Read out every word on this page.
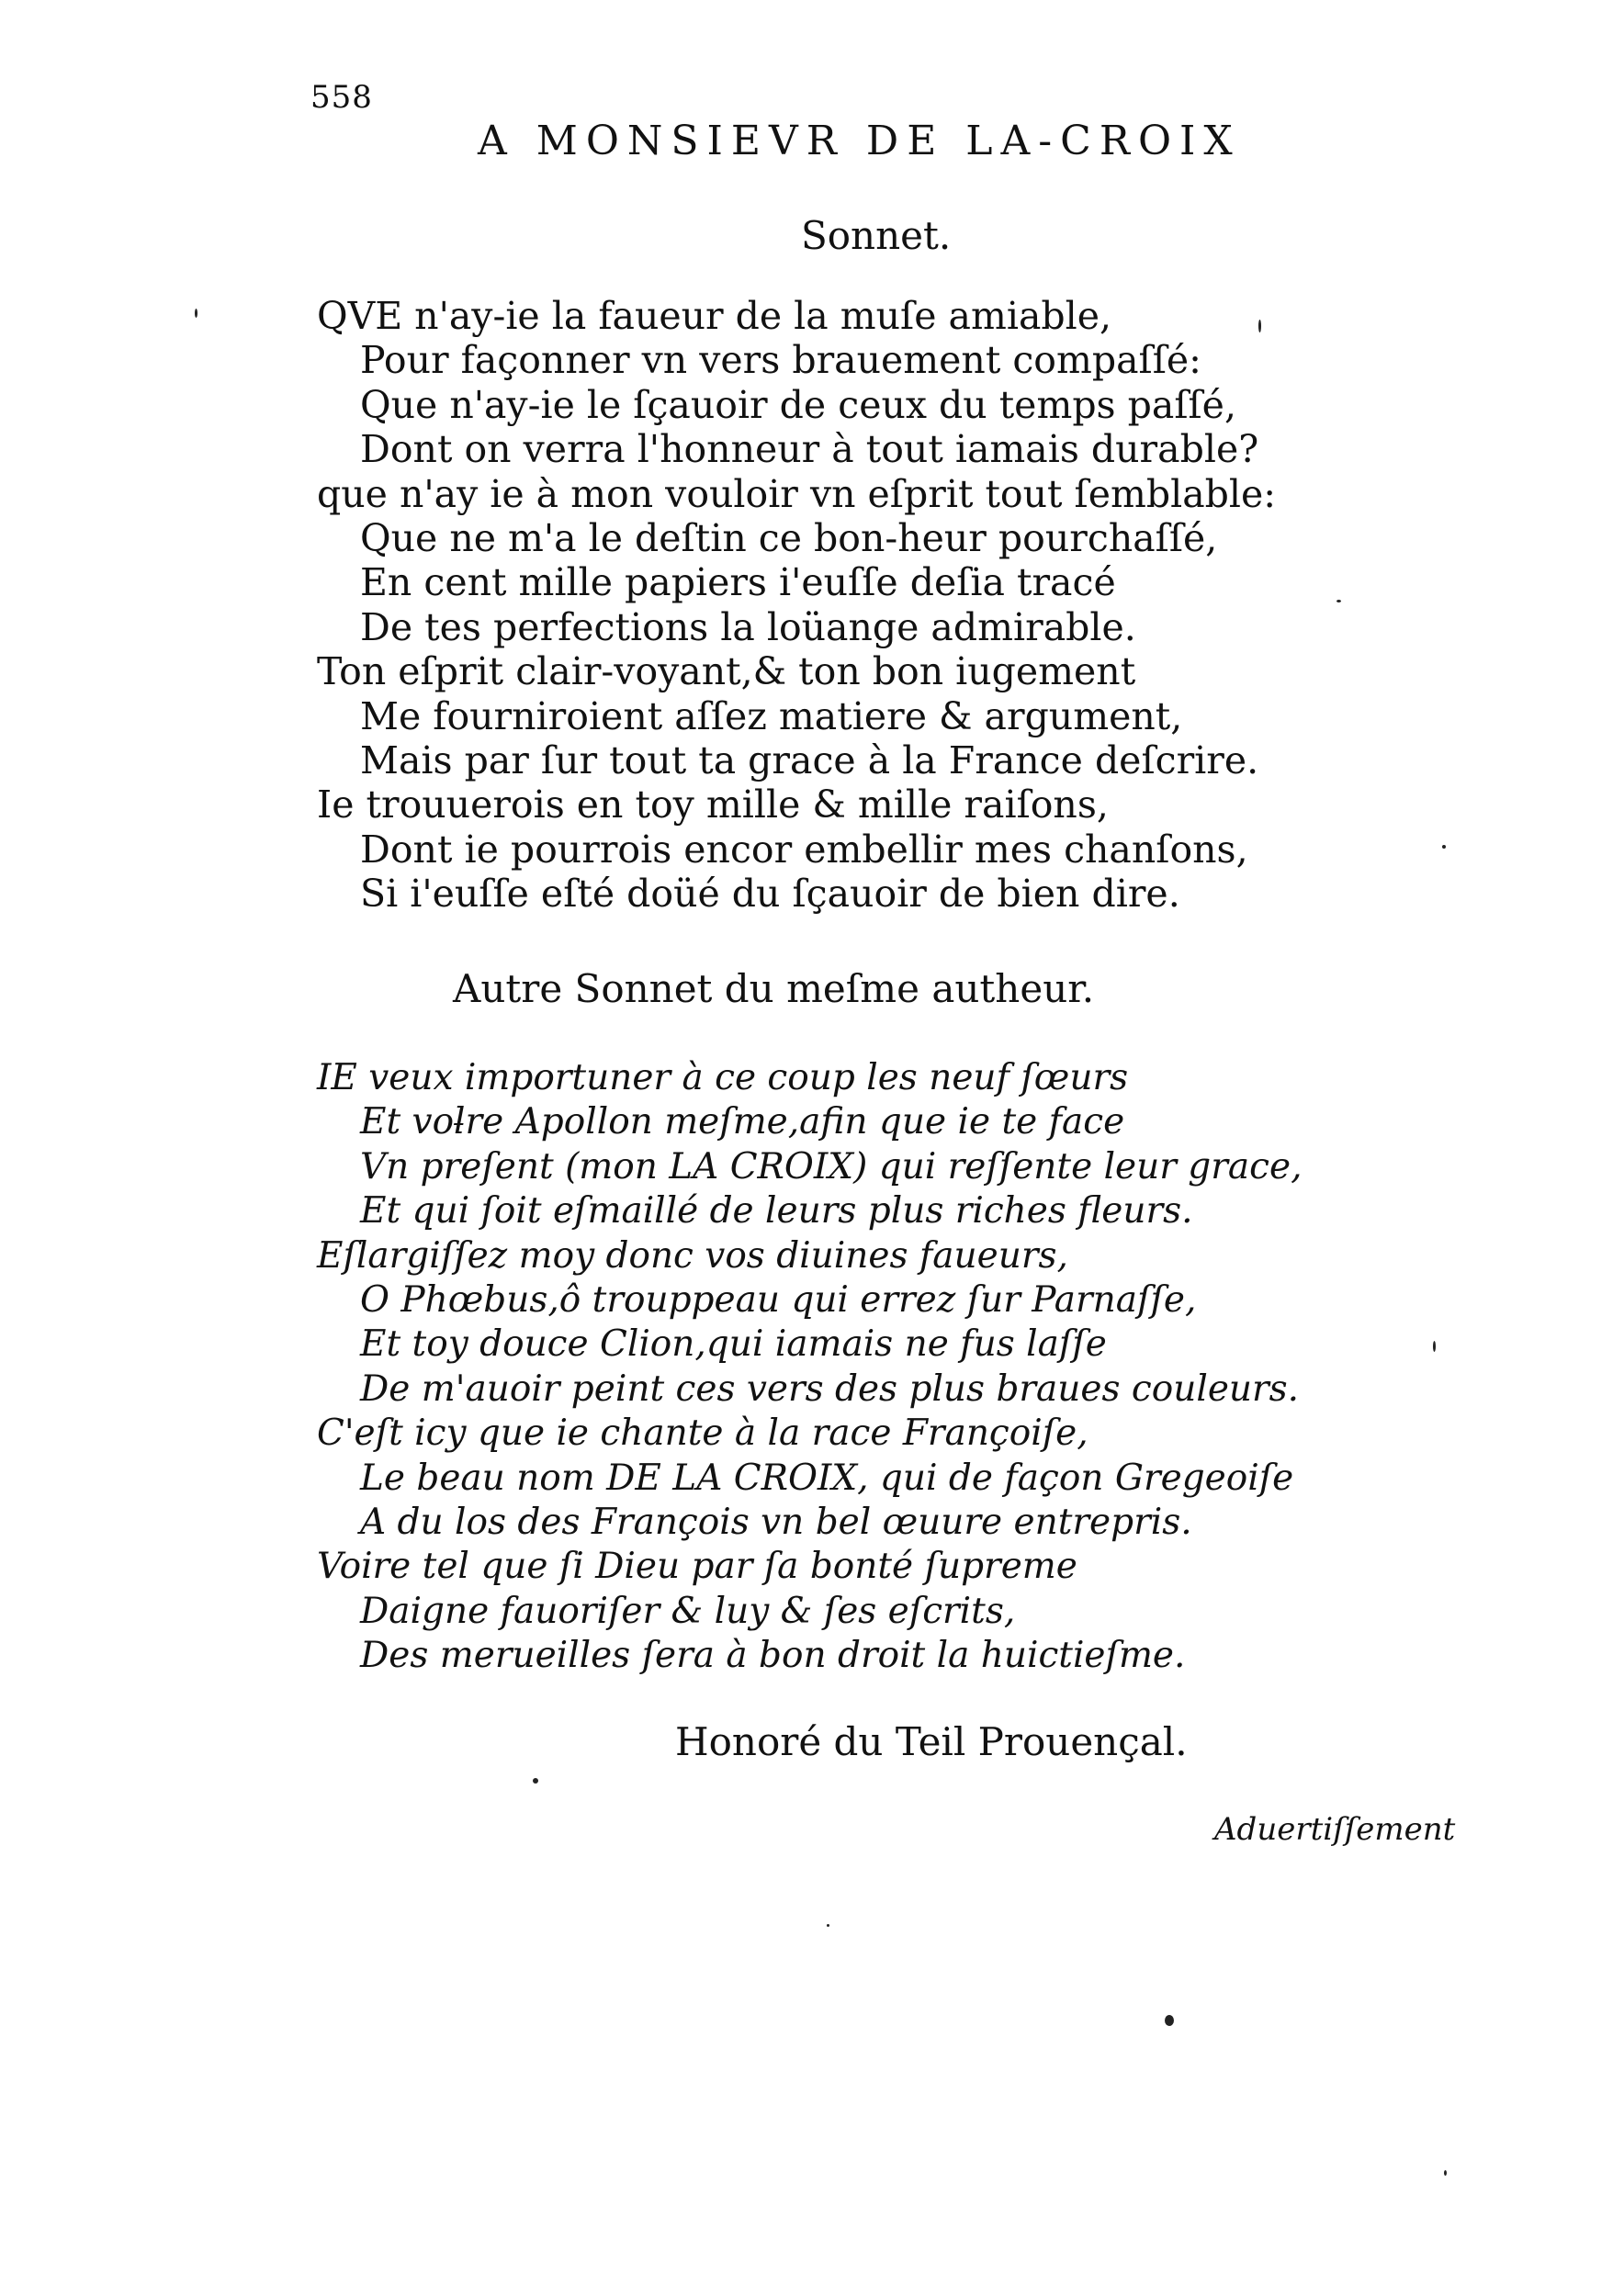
558
A MONSIEVR DE LA-CROIX
Sonnet.
QVE n'ay-ie la faueur de la muſe amiable,
Pour façonner vn vers brauement compaſſé:
Que n'ay-ie le ſçauoir de ceux du temps paſſé,
Dont on verra l'honneur à tout iamais durable?
que n'ay ie à mon vouloir vn eſprit tout ſemblable:
Que ne m'a le deſtin ce bon-heur pourchaſſé,
En cent mille papiers i'euſſe deſia tracé
De tes perfections la loüange admirable.
Ton eſprit clair-voyant,& ton bon iugement
Me fourniroient aſſez matiere & argument,
Mais par ſur tout ta grace à la France deſcrire.
Ie trouuerois en toy mille & mille raiſons,
Dont ie pourrois encor embellir mes chanſons,
Si i'euſſe eſté doüé du ſçauoir de bien dire.
Autre Sonnet du meſme autheur.
IE veux importuner à ce coup les neuf ſœurs
Et voƚre Apollon meſme,afin que ie te face
Vn preſent (mon LA CROIX) qui reſſente leur grace,
Et qui ſoit eſmaillé de leurs plus riches fleurs.
Eſlargiſſez moy donc vos diuines faueurs,
O Phœbus,ô trouppeau qui errez ſur Parnaſſe,
Et toy douce Clion,qui iamais ne fus laſſe
De m'auoir peint ces vers des plus braues couleurs.
C'eſt icy que ie chante à la race Françoiſe,
Le beau nom DE LA CROIX, qui de façon Gregeoiſe
A du los des François vn bel œuure entrepris.
Voire tel que ſi Dieu par ſa bonté ſupreme
Daigne fauoriſer & luy & ſes eſcrits,
Des merueilles ſera à bon droit la huictieſme.
Honoré du Teil Prouençal.
Aduertiſſement
